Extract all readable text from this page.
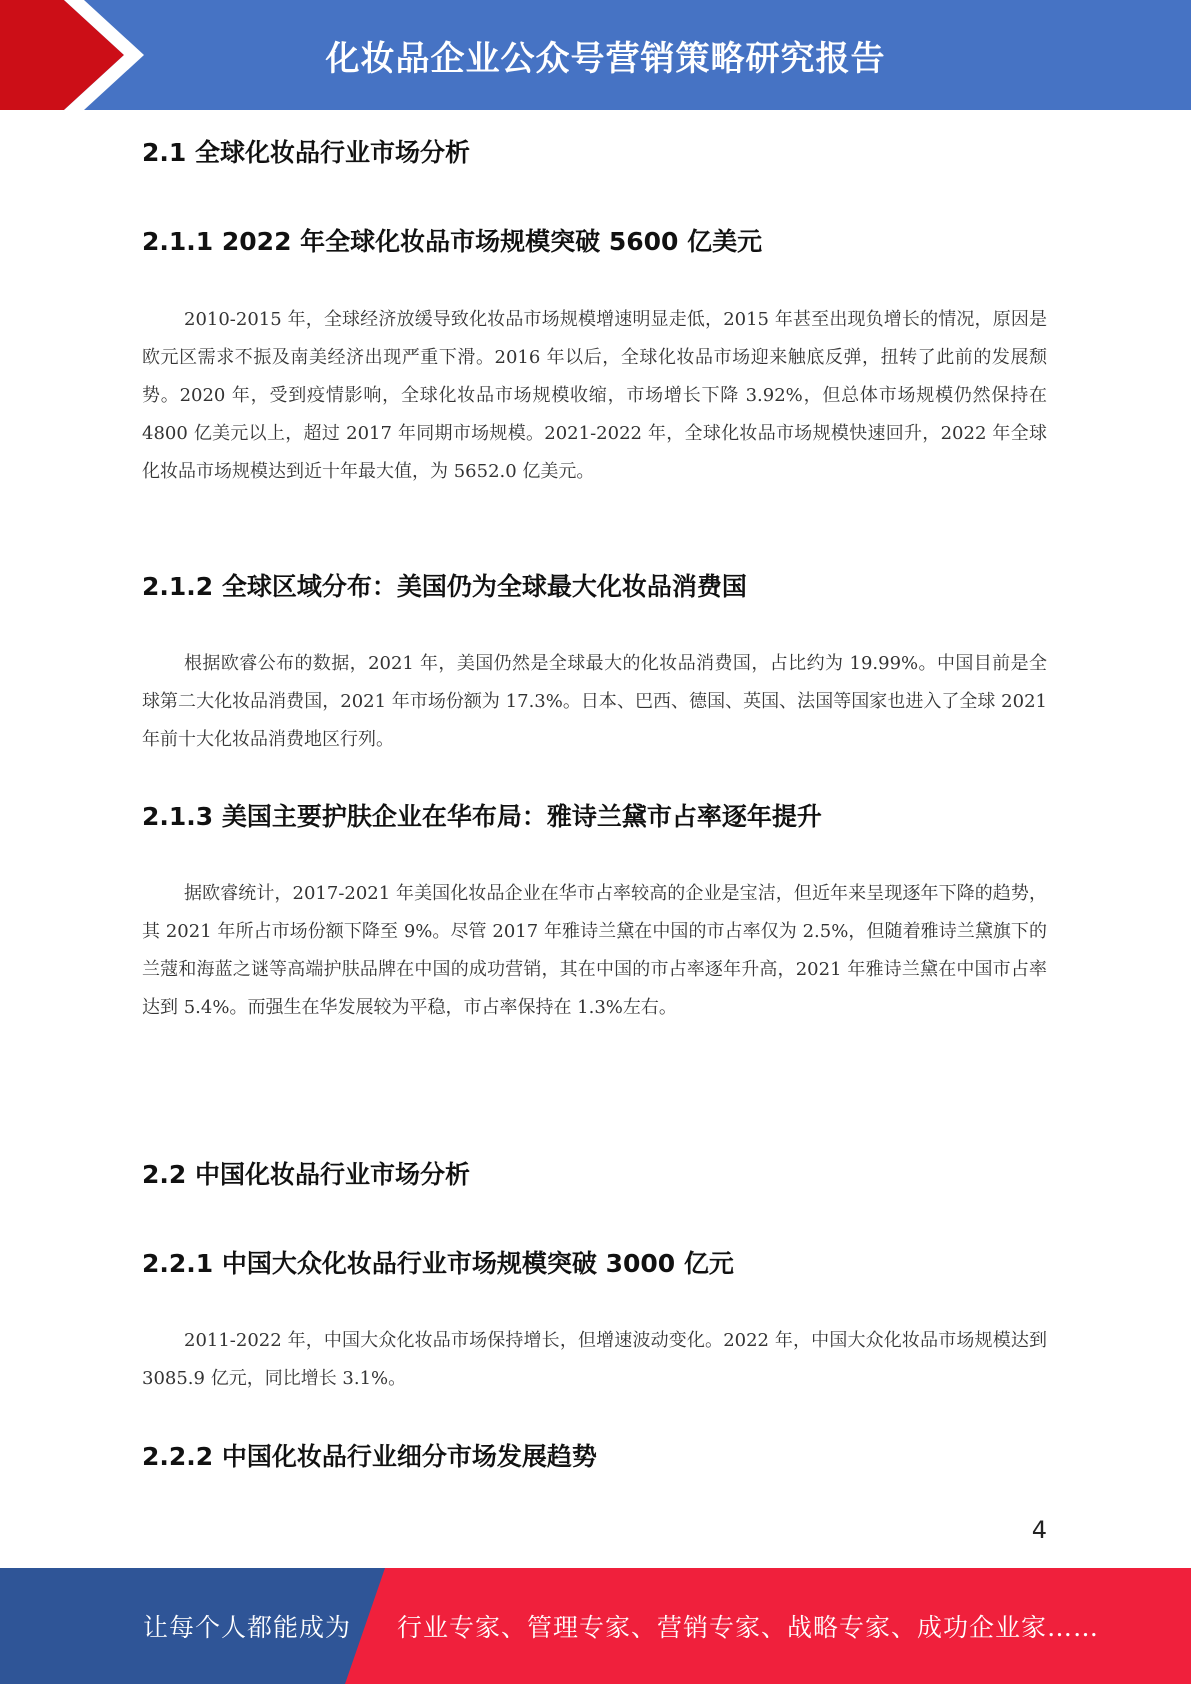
化妆品企业公众号营销策略研究报告
2.1 全球化妆品行业市场分析
2.1.1 2022 年全球化妆品市场规模突破 5600 亿美元

2010-2015 年，全球经济放缓导致化妆品市场规模增速明显走低，2015 年甚至出现负增长的情况，原因是欧元区需求不振及南美经济出现严重下滑。2016 年以后，全球化妆品市场迎来触底反弹，扭转了此前的发展颓势。2020 年，受到疫情影响，全球化妆品市场规模收缩，市场增长下降 3.92%，但总体市场规模仍然保持在 4800 亿美元以上，超过 2017 年同期市场规模。2021-2022 年，全球化妆品市场规模快速回升，2022 年全球化妆品市场规模达到近十年最大值，为 5652.0 亿美元。

2.1.2 全球区域分布：美国仍为全球最大化妆品消费国

根据欧睿公布的数据，2021 年，美国仍然是全球最大的化妆品消费国，占比约为 19.99%。中国目前是全球第二大化妆品消费国，2021 年市场份额为 17.3%。日本、巴西、德国、英国、法国等国家也进入了全球 2021 年前十大化妆品消费地区行列。

2.1.3 美国主要护肤企业在华布局：雅诗兰黛市占率逐年提升

据欧睿统计，2017-2021 年美国化妆品企业在华市占率较高的企业是宝洁，但近年来呈现逐年下降的趋势，其 2021 年所占市场份额下降至 9%。尽管 2017 年雅诗兰黛在中国的市占率仅为 2.5%，但随着雅诗兰黛旗下的兰蔻和海蓝之谜等高端护肤品牌在中国的成功营销，其在中国的市占率逐年升高，2021 年雅诗兰黛在中国市占率达到 5.4%。而强生在华发展较为平稳，市占率保持在 1.3%左右。

2.2 中国化妆品行业市场分析
2.2.1 中国大众化妆品行业市场规模突破 3000 亿元

2011-2022 年，中国大众化妆品市场保持增长，但增速波动变化。2022 年，中国大众化妆品市场规模达到 3085.9 亿元，同比增长 3.1%。

2.2.2 中国化妆品行业细分市场发展趋势
4
让每个人都能成为 行业专家、管理专家、营销专家、战略专家、成功企业家……
